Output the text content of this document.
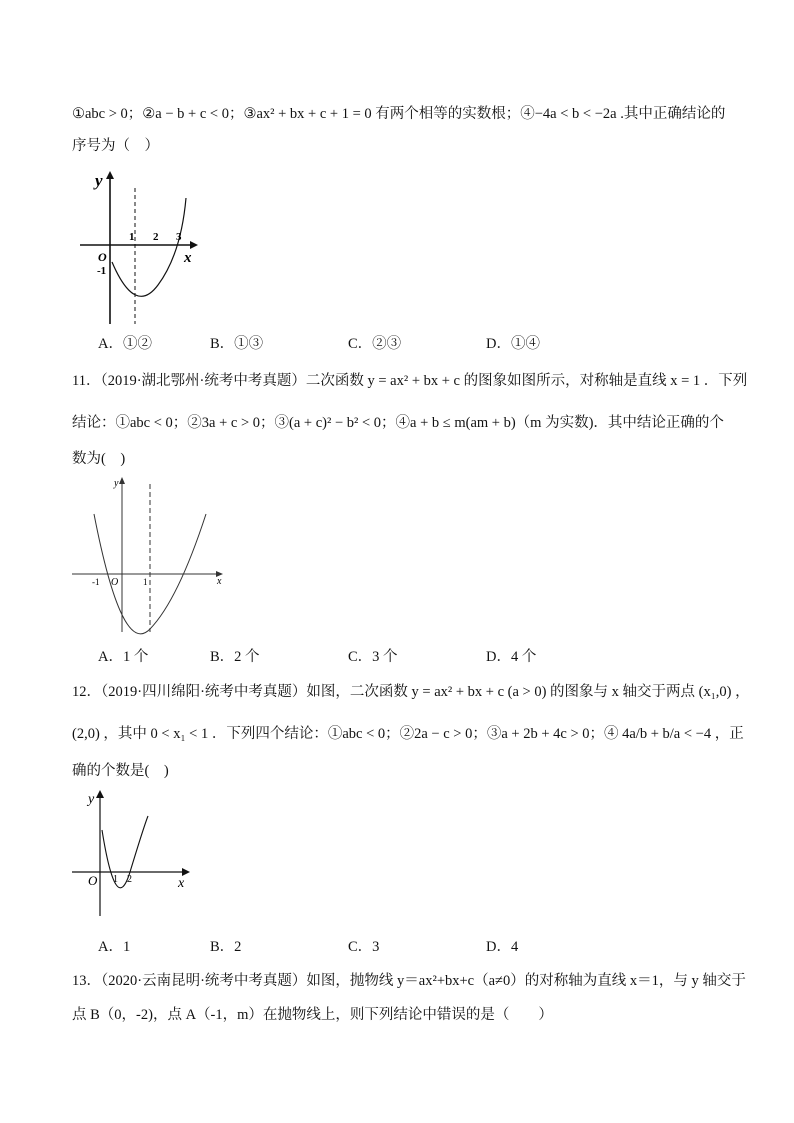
①abc > 0；②a − b + c < 0；③ax² + bx + c + 1 = 0 有两个相等的实数根；④−4a < b < −2a .其中正确结论的
序号为（　）
y
x
O
-1
1 2 3
A．①②	B．①③	C．②③	D．①④
11．（2019·湖北鄂州·统考中考真题）二次函数 y = ax² + bx + c 的图象如图所示，对称轴是直线 x = 1 ．下列
结论：①abc < 0；②3a + c > 0；③(a + c)² − b² < 0；④a + b ≤ m(am + b)（m 为实数)．其中结论正确的个
数为(　)
y
x
O
-1	1
A．1 个	B．2 个	C．3 个	D．4 个
12．（2019·四川绵阳·统考中考真题）如图，二次函数 y = ax² + bx + c (a > 0) 的图象与 x 轴交于两点 (x₁,0) ，
(2,0) ，其中 0 < x₁ < 1 ．下列四个结论：①abc < 0；②2a − c > 0；③a + 2b + 4c > 0；④ 4a/b + b/a < −4 ，正
确的个数是(　)
y
x
O 1 2
A．1	B．2	C．3	D．4
13．（2020·云南昆明·统考中考真题）如图，抛物线 y＝ax²+bx+c（a≠0）的对称轴为直线 x＝1，与 y 轴交于
点 B（0，-2)，点 A（-1，m）在抛物线上，则下列结论中错误的是（　　）
